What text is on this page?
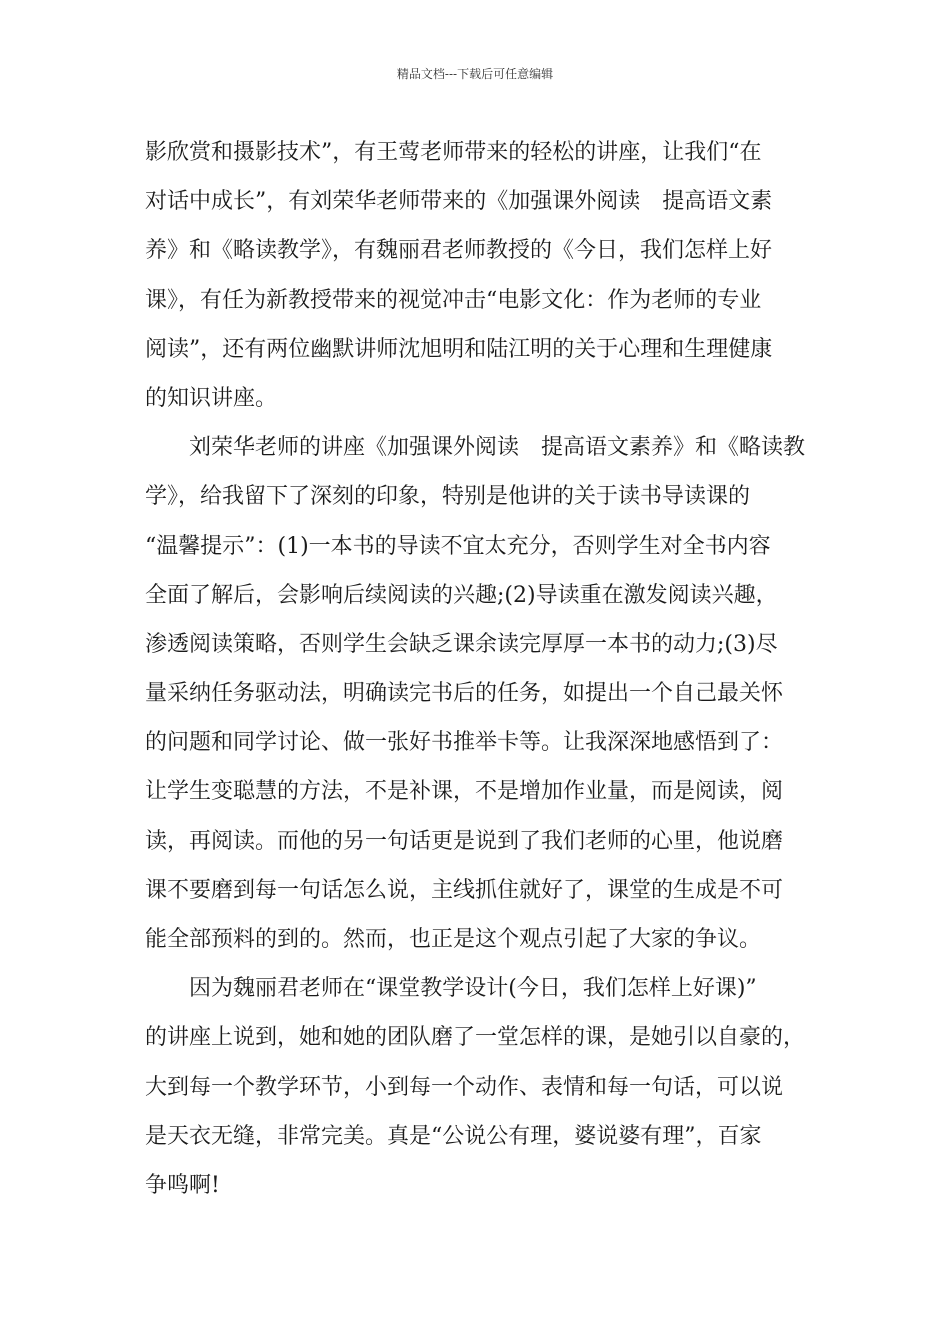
精品文档---下载后可任意编辑
影欣赏和摄影技术”，有王莺老师带来的轻松的讲座，让我们“在
对话中成长”，有刘荣华老师带来的《加强课外阅读　提高语文素
养》和《略读教学》，有魏丽君老师教授的《今日，我们怎样上好
课》，有任为新教授带来的视觉冲击“电影文化：作为老师的专业
阅读”，还有两位幽默讲师沈旭明和陆江明的关于心理和生理健康
的知识讲座。
　　刘荣华老师的讲座《加强课外阅读　提高语文素养》和《略读教
学》，给我留下了深刻的印象，特别是他讲的关于读书导读课的
“温馨提示”：(1)一本书的导读不宜太充分，否则学生对全书内容
全面了解后，会影响后续阅读的兴趣;(2)导读重在激发阅读兴趣，
渗透阅读策略，否则学生会缺乏课余读完厚厚一本书的动力;(3)尽
量采纳任务驱动法，明确读完书后的任务，如提出一个自己最关怀
的问题和同学讨论、做一张好书推举卡等。让我深深地感悟到了：
让学生变聪慧的方法，不是补课，不是增加作业量，而是阅读，阅
读，再阅读。而他的另一句话更是说到了我们老师的心里，他说磨
课不要磨到每一句话怎么说，主线抓住就好了，课堂的生成是不可
能全部预料的到的。然而，也正是这个观点引起了大家的争议。
　　因为魏丽君老师在“课堂教学设计(今日，我们怎样上好课)”
的讲座上说到，她和她的团队磨了一堂怎样的课，是她引以自豪的，
大到每一个教学环节，小到每一个动作、表情和每一句话，可以说
是天衣无缝，非常完美。真是“公说公有理，婆说婆有理”，百家
争鸣啊!
